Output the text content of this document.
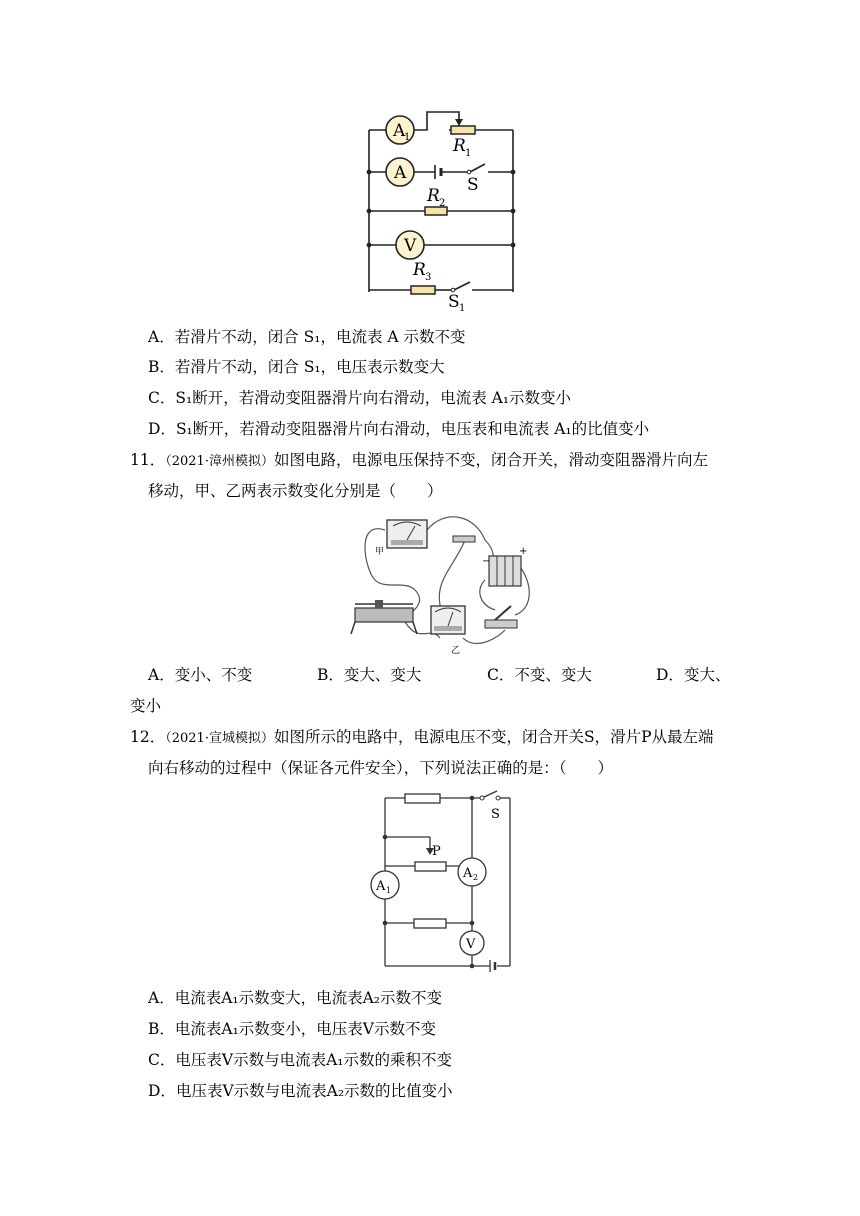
A
1
A
R 1
S
R 2
V
R 3
S 1
A．若滑片不动，闭合 S₁，电流表 A 示数不变
B．若滑片不动，闭合 S₁，电压表示数变大
C．S₁断开，若滑动变阻器滑片向右滑动，电流表 A₁示数变小
D．S₁断开，若滑动变阻器滑片向右滑动，电压表和电流表 A₁的比值变小
11．（2021·漳州模拟）如图电路，电源电压保持不变，闭合开关，滑动变阻器滑片向左
移动，甲、乙两表示数变化分别是（　　）
甲	+
−
乙
A．变小、不变	B．变大、变大	C．不变、变大	D．变大、
变小
12．（2021·宣城模拟）如图所示的电路中，电源电压不变，闭合开关S，滑片P从最左端
向右移动的过程中（保证各元件安全），下列说法正确的是：（　　）
S
P
A 1
A 2
V
A．电流表A₁示数变大，电流表A₂示数不变
B．电流表A₁示数变小，电压表V示数不变
C．电压表V示数与电流表A₁示数的乘积不变
D．电压表V示数与电流表A₂示数的比值变小
